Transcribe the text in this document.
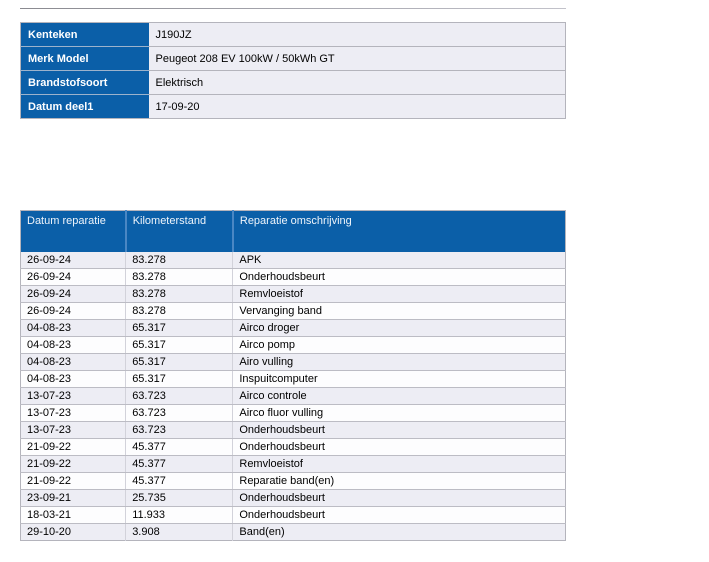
Kenteken	J190JZ
Merk Model	Peugeot 208 EV 100kW / 50kWh GT
Brandstofsoort	Elektrisch
Datum deel1	17-09-20
Datum reparatie	Kilometerstand	Reparatie omschrijving
26-09-24	83.278	APK
26-09-24	83.278	Onderhoudsbeurt
26-09-24	83.278	Remvloeistof
26-09-24	83.278	Vervanging band
04-08-23	65.317	Airco droger
04-08-23	65.317	Airco pomp
04-08-23	65.317	Airo vulling
04-08-23	65.317	Inspuitcomputer
13-07-23	63.723	Airco controle
13-07-23	63.723	Airco fluor vulling
13-07-23	63.723	Onderhoudsbeurt
21-09-22	45.377	Onderhoudsbeurt
21-09-22	45.377	Remvloeistof
21-09-22	45.377	Reparatie band(en)
23-09-21	25.735	Onderhoudsbeurt
18-03-21	11.933	Onderhoudsbeurt
29-10-20	3.908	Band(en)
